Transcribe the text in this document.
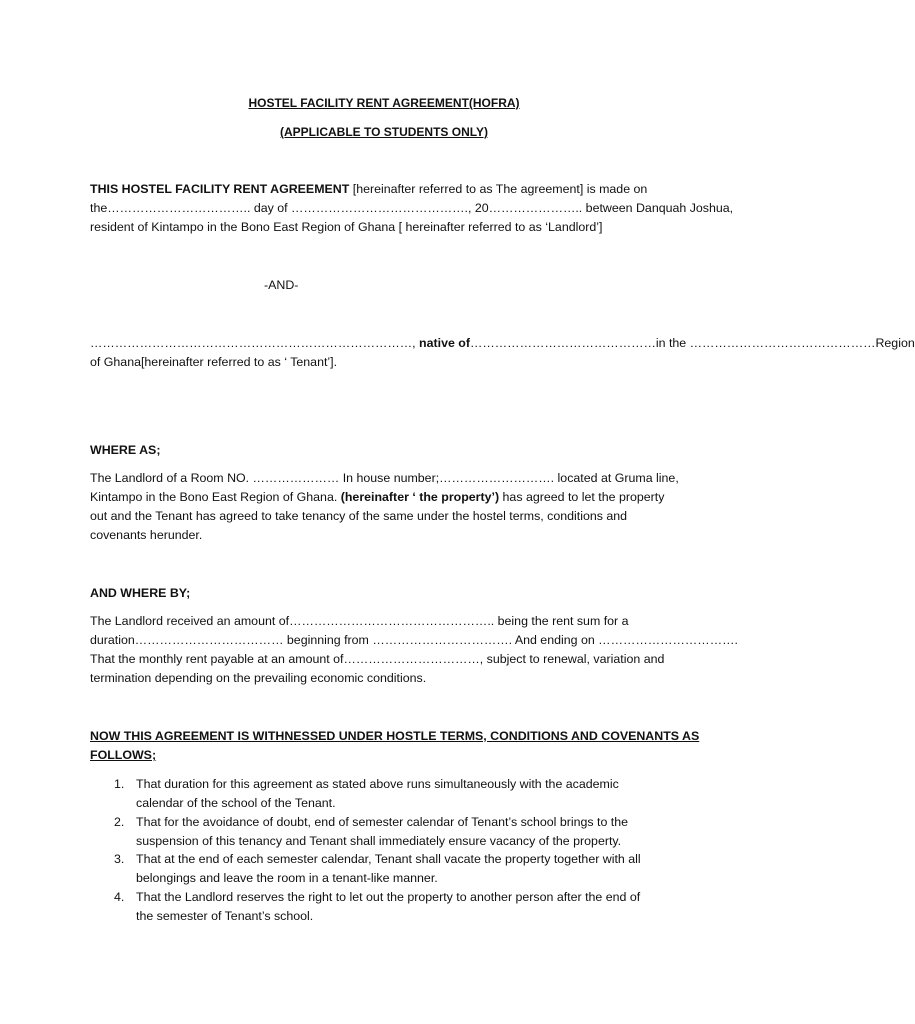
HOSTEL FACILITY RENT AGREEMENT(HOFRA)
(APPLICABLE TO STUDENTS ONLY)
THIS HOSTEL FACILITY RENT AGREEMENT [hereinafter referred to as The agreement] is made on
the…………………………….. day of ……………………………………., 20………………….. between Danquah Joshua,
resident of Kintampo in the Bono East Region of Ghana [ hereinafter referred to as ‘Landlord’]
-AND-
……………………………………………………………………, native of………………………………………in the ………………………………………Region
of Ghana[hereinafter referred to as ‘ Tenant’].
WHERE AS;
The Landlord of a Room NO. ………………… In house number;………………………. located at Gruma line,
Kintampo in the Bono East Region of Ghana. (hereinafter ‘ the property’) has agreed to let the property
out and the Tenant has agreed to take tenancy of the same under the hostel terms, conditions and
covenants herunder.
AND WHERE BY;
The Landlord received an amount of………………………………………….. being the rent sum for a
duration……………………………… beginning from ……………………………. And ending on …………………………….
That the monthly rent payable at an amount of……………………………, subject to renewal, variation and
termination depending on the prevailing economic conditions.
NOW THIS AGREEMENT IS WITHNESSED UNDER HOSTLE TERMS, CONDITIONS AND COVENANTS AS
FOLLOWS;
1. That duration for this agreement as stated above runs simultaneously with the academic
calendar of the school of the Tenant.
2. That for the avoidance of doubt, end of semester calendar of Tenant’s school brings to the
suspension of this tenancy and Tenant shall immediately ensure vacancy of the property.
3. That at the end of each semester calendar, Tenant shall vacate the property together with all
belongings and leave the room in a tenant-like manner.
4. That the Landlord reserves the right to let out the property to another person after the end of
the semester of Tenant’s school.
